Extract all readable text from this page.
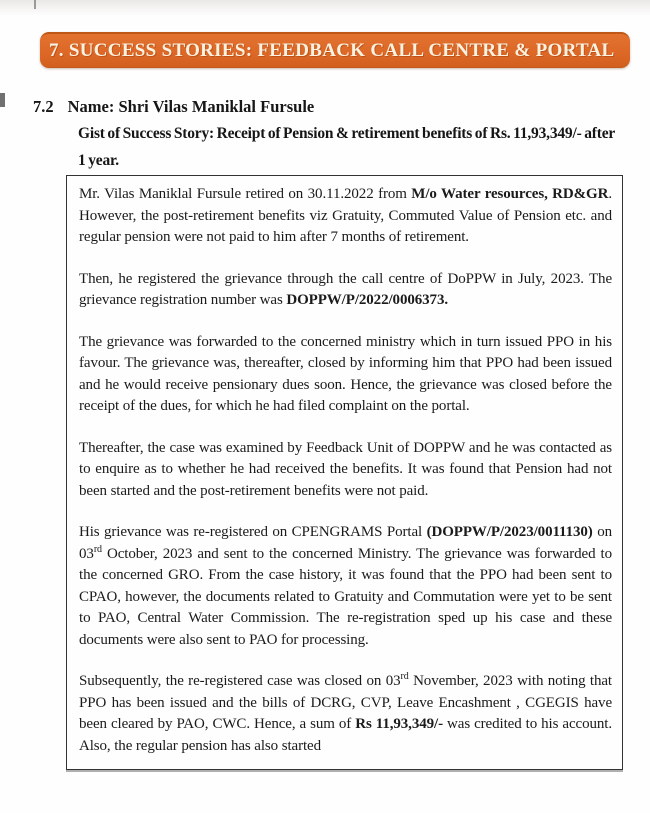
7. SUCCESS STORIES: FEEDBACK CALL CENTRE & PORTAL
7.2 Name: Shri Vilas Maniklal Fursule
Gist of Success Story: Receipt of Pension & retirement benefits of Rs. 11,93,349/- after 1 year.

Mr. Vilas Maniklal Fursule retired on 30.11.2022 from M/o Water resources, RD&GR. However, the post-retirement benefits viz Gratuity, Commuted Value of Pension etc. and regular pension were not paid to him after 7 months of retirement.

Then, he registered the grievance through the call centre of DoPPW in July, 2023. The grievance registration number was DOPPW/P/2022/0006373.

The grievance was forwarded to the concerned ministry which in turn issued PPO in his favour. The grievance was, thereafter, closed by informing him that PPO had been issued and he would receive pensionary dues soon. Hence, the grievance was closed before the receipt of the dues, for which he had filed complaint on the portal.

Thereafter, the case was examined by Feedback Unit of DOPPW and he was contacted as to enquire as to whether he had received the benefits. It was found that Pension had not been started and the post-retirement benefits were not paid.

His grievance was re-registered on CPENGRAMS Portal (DOPPW/P/2023/0011130) on 03rd October, 2023 and sent to the concerned Ministry. The grievance was forwarded to the concerned GRO. From the case history, it was found that the PPO had been sent to CPAO, however, the documents related to Gratuity and Commutation were yet to be sent to PAO, Central Water Commission. The re-registration sped up his case and these documents were also sent to PAO for processing.

Subsequently, the re-registered case was closed on 03rd November, 2023 with noting that PPO has been issued and the bills of DCRG, CVP, Leave Encashment , CGEGIS have been cleared by PAO, CWC. Hence, a sum of Rs 11,93,349/- was credited to his account. Also, the regular pension has also started
